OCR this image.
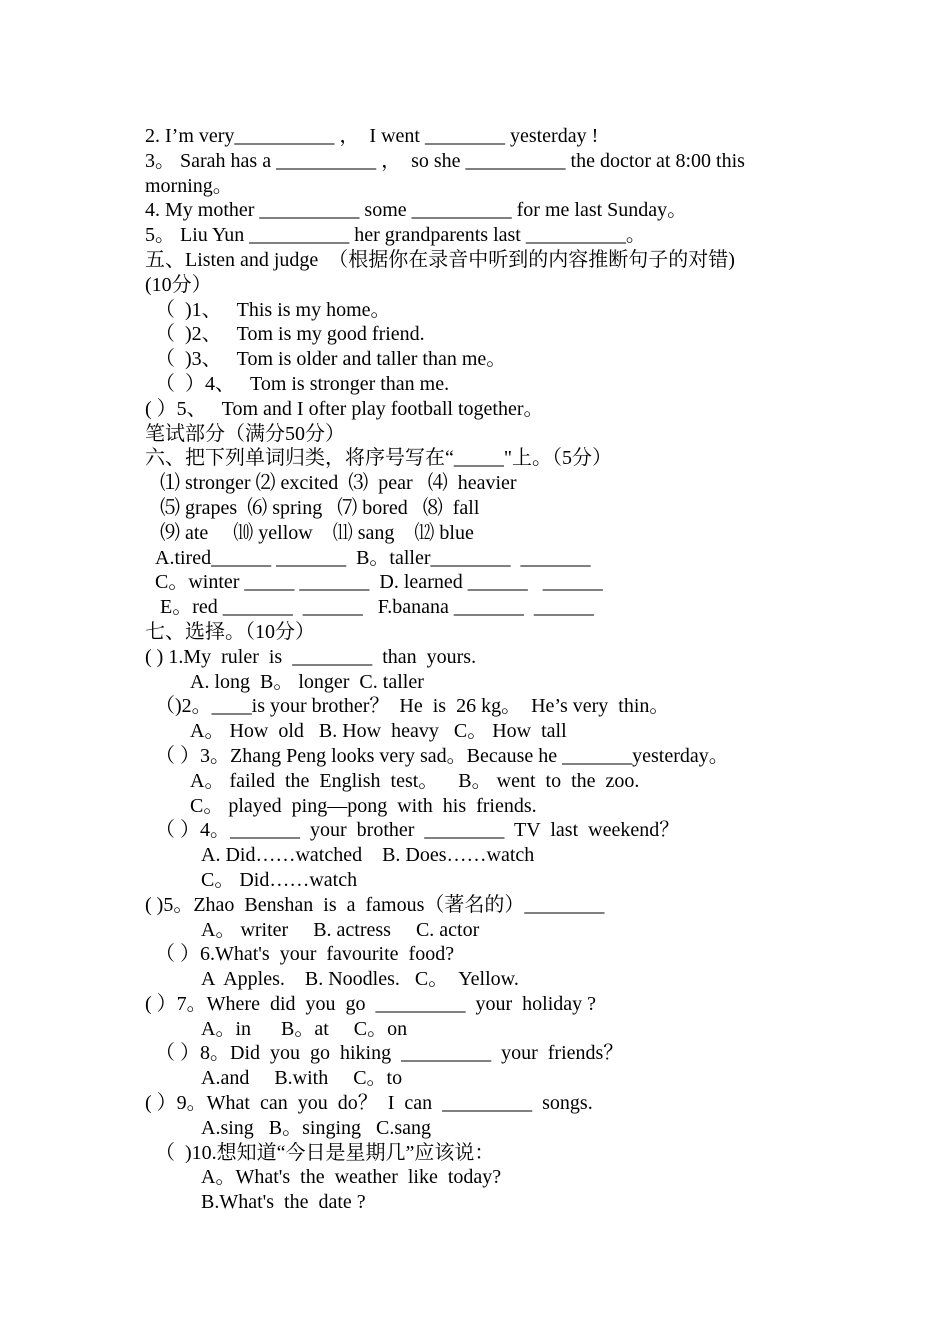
2. I’m very__________ ，  I went ________ yesterday !
3。 Sarah has a __________ ，  so she __________ the doctor at 8:00 this
morning。
4. My mother __________ some __________ for me last Sunday。
5。 Liu Yun __________ her grandparents last __________。
五、Listen and judge  （根据你在录音中听到的内容推断句子的对错)
(10分）
（  )1、   This is my home。
（  )2、   Tom is my good friend.
（  )3、   Tom is older and taller than me。
（  ）4、   Tom is stronger than me.
( ）5、   Tom and I ofter play football together。
笔试部分（满分50分）
六、把下列单词归类，将序号写在“_____"上。（5分）
⑴ stronger ⑵ excited  ⑶  pear   ⑷  heavier
⑸ grapes  ⑹ spring   ⑺ bored   ⑻  fall
⑼ ate     ⑽ yellow    ⑾ sang    ⑿ blue
A.tired______ _______  B。taller________  _______
C。winter _____ _______  D. learned ______   ______
E。red _______  ______   F.banana _______  ______
七、选择。（10分）
( ) 1.My  ruler  is  ________  than  yours.
A. long  B。 longer  C. taller
（)2。____is your brother？  He  is  26 kg。  He’s very  thin。
A。 How  old   B. How  heavy   C。 How  tall
（ ）3。Zhang Peng looks very sad。Because he _______yesterday。
A。 failed  the  English  test。    B。 went  to  the  zoo.
C。 played  ping—pong  with  his  friends.
（ ）4。_______  your  brother  ________  TV  last  weekend？
A. Did……watched    B. Does……watch
C。 Did……watch
( )5。Zhao  Benshan  is  a  famous（著名的）________
A。 writer     B. actress     C. actor
（ ）6.What's  your  favourite  food?
A  Apples.    B. Noodles.   C。  Yellow.
( ）7。Where  did  you  go  _________  your  holiday ?
A。in      B。at     C。on
（ ）8。Did  you  go  hiking  _________  your  friends？
A.and     B.with     C。to
( ）9。What  can  you  do？  I  can  _________  songs.
A.sing   B。singing   C.sang
（  )10.想知道“今日是星期几”应该说：
A。What's  the  weather  like  today?
B.What's  the  date ?
